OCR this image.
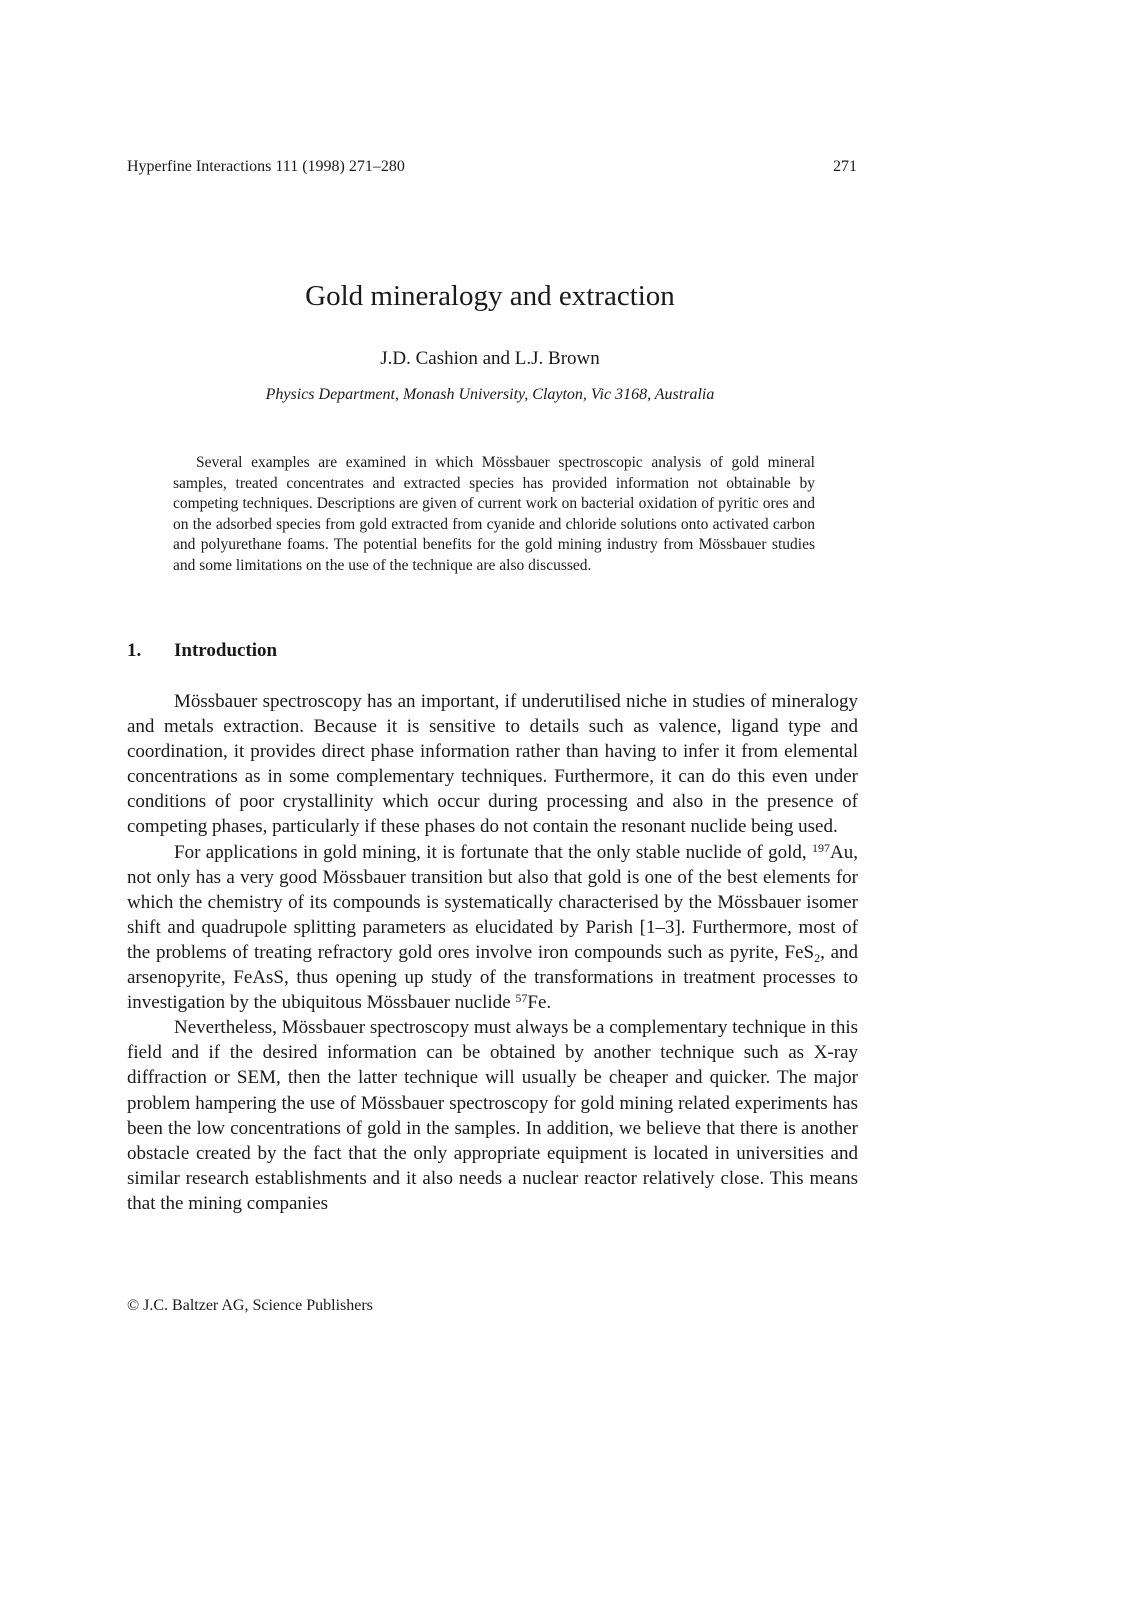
Hyperfine Interactions 111 (1998) 271–280	271
Gold mineralogy and extraction
J.D. Cashion and L.J. Brown
Physics Department, Monash University, Clayton, Vic 3168, Australia

Several examples are examined in which Mössbauer spectroscopic analysis of gold mineral samples, treated concentrates and extracted species has provided information not obtainable by competing techniques. Descriptions are given of current work on bacterial oxidation of pyritic ores and on the adsorbed species from gold extracted from cyanide and chloride solutions onto activated carbon and polyurethane foams. The potential benefits for the gold mining industry from Mössbauer studies and some limitations on the use of the technique are also discussed.

1.	Introduction

Mössbauer spectroscopy has an important, if underutilised niche in studies of mineralogy and metals extraction. Because it is sensitive to details such as valence, ligand type and coordination, it provides direct phase information rather than having to infer it from elemental concentrations as in some complementary techniques. Furthermore, it can do this even under conditions of poor crystallinity which occur during processing and also in the presence of competing phases, particularly if these phases do not contain the resonant nuclide being used.

For applications in gold mining, it is fortunate that the only stable nuclide of gold, $^{197}$Au, not only has a very good Mössbauer transition but also that gold is one of the best elements for which the chemistry of its compounds is systematically characterised by the Mössbauer isomer shift and quadrupole splitting parameters as elucidated by Parish [1–3]. Furthermore, most of the problems of treating refractory gold ores involve iron compounds such as pyrite, FeS$_2$, and arsenopyrite, FeAsS, thus opening up study of the transformations in treatment processes to investigation by the ubiquitous Mössbauer nuclide $^{57}$Fe.

Nevertheless, Mössbauer spectroscopy must always be a complementary technique in this field and if the desired information can be obtained by another technique such as X-ray diffraction or SEM, then the latter technique will usually be cheaper and quicker. The major problem hampering the use of Mössbauer spectroscopy for gold mining related experiments has been the low concentrations of gold in the samples. In addition, we believe that there is another obstacle created by the fact that the only appropriate equipment is located in universities and similar research establishments and it also needs a nuclear reactor relatively close. This means that the mining companies

© J.C. Baltzer AG, Science Publishers
